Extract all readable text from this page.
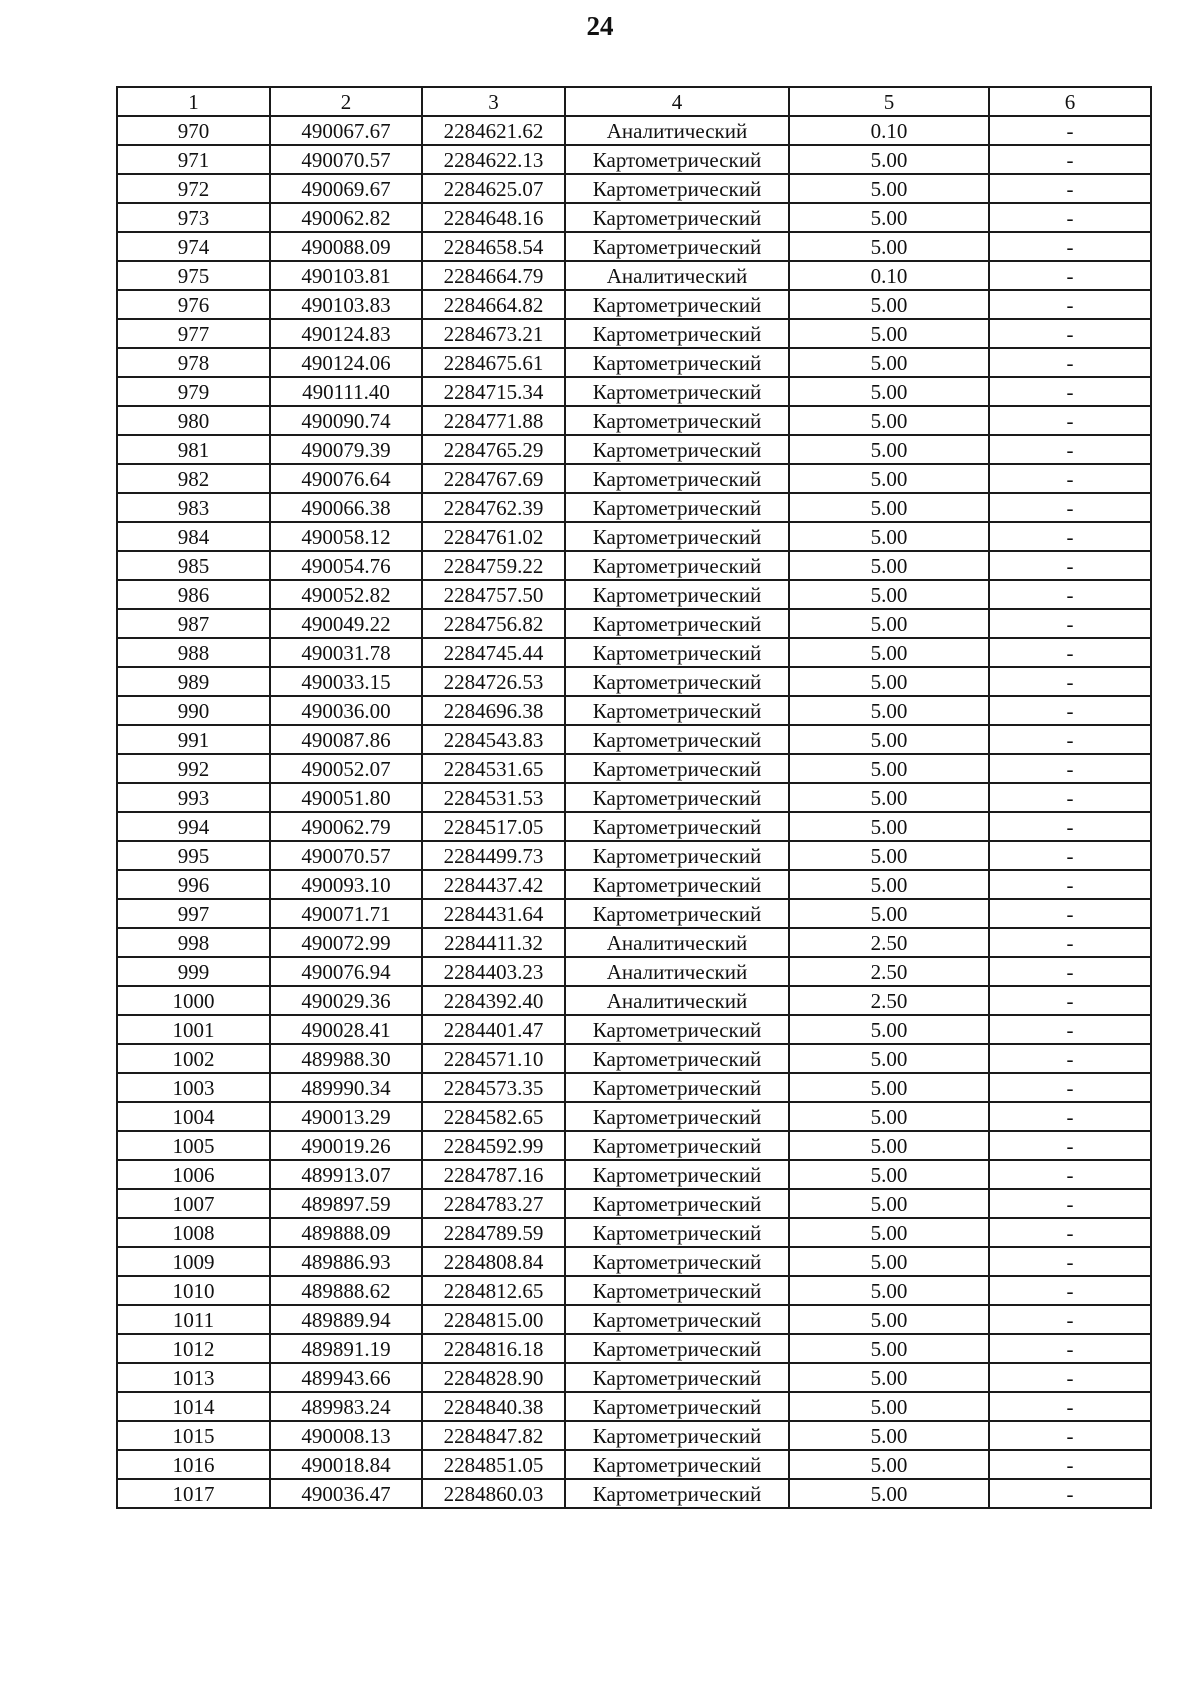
24
1	2	3	4	5	6
970	490067.67	2284621.62	Аналитический	0.10	-
971	490070.57	2284622.13	Картометрический	5.00	-
972	490069.67	2284625.07	Картометрический	5.00	-
973	490062.82	2284648.16	Картометрический	5.00	-
974	490088.09	2284658.54	Картометрический	5.00	-
975	490103.81	2284664.79	Аналитический	0.10	-
976	490103.83	2284664.82	Картометрический	5.00	-
977	490124.83	2284673.21	Картометрический	5.00	-
978	490124.06	2284675.61	Картометрический	5.00	-
979	490111.40	2284715.34	Картометрический	5.00	-
980	490090.74	2284771.88	Картометрический	5.00	-
981	490079.39	2284765.29	Картометрический	5.00	-
982	490076.64	2284767.69	Картометрический	5.00	-
983	490066.38	2284762.39	Картометрический	5.00	-
984	490058.12	2284761.02	Картометрический	5.00	-
985	490054.76	2284759.22	Картометрический	5.00	-
986	490052.82	2284757.50	Картометрический	5.00	-
987	490049.22	2284756.82	Картометрический	5.00	-
988	490031.78	2284745.44	Картометрический	5.00	-
989	490033.15	2284726.53	Картометрический	5.00	-
990	490036.00	2284696.38	Картометрический	5.00	-
991	490087.86	2284543.83	Картометрический	5.00	-
992	490052.07	2284531.65	Картометрический	5.00	-
993	490051.80	2284531.53	Картометрический	5.00	-
994	490062.79	2284517.05	Картометрический	5.00	-
995	490070.57	2284499.73	Картометрический	5.00	-
996	490093.10	2284437.42	Картометрический	5.00	-
997	490071.71	2284431.64	Картометрический	5.00	-
998	490072.99	2284411.32	Аналитический	2.50	-
999	490076.94	2284403.23	Аналитический	2.50	-
1000	490029.36	2284392.40	Аналитический	2.50	-
1001	490028.41	2284401.47	Картометрический	5.00	-
1002	489988.30	2284571.10	Картометрический	5.00	-
1003	489990.34	2284573.35	Картометрический	5.00	-
1004	490013.29	2284582.65	Картометрический	5.00	-
1005	490019.26	2284592.99	Картометрический	5.00	-
1006	489913.07	2284787.16	Картометрический	5.00	-
1007	489897.59	2284783.27	Картометрический	5.00	-
1008	489888.09	2284789.59	Картометрический	5.00	-
1009	489886.93	2284808.84	Картометрический	5.00	-
1010	489888.62	2284812.65	Картометрический	5.00	-
1011	489889.94	2284815.00	Картометрический	5.00	-
1012	489891.19	2284816.18	Картометрический	5.00	-
1013	489943.66	2284828.90	Картометрический	5.00	-
1014	489983.24	2284840.38	Картометрический	5.00	-
1015	490008.13	2284847.82	Картометрический	5.00	-
1016	490018.84	2284851.05	Картометрический	5.00	-
1017	490036.47	2284860.03	Картометрический	5.00	-
